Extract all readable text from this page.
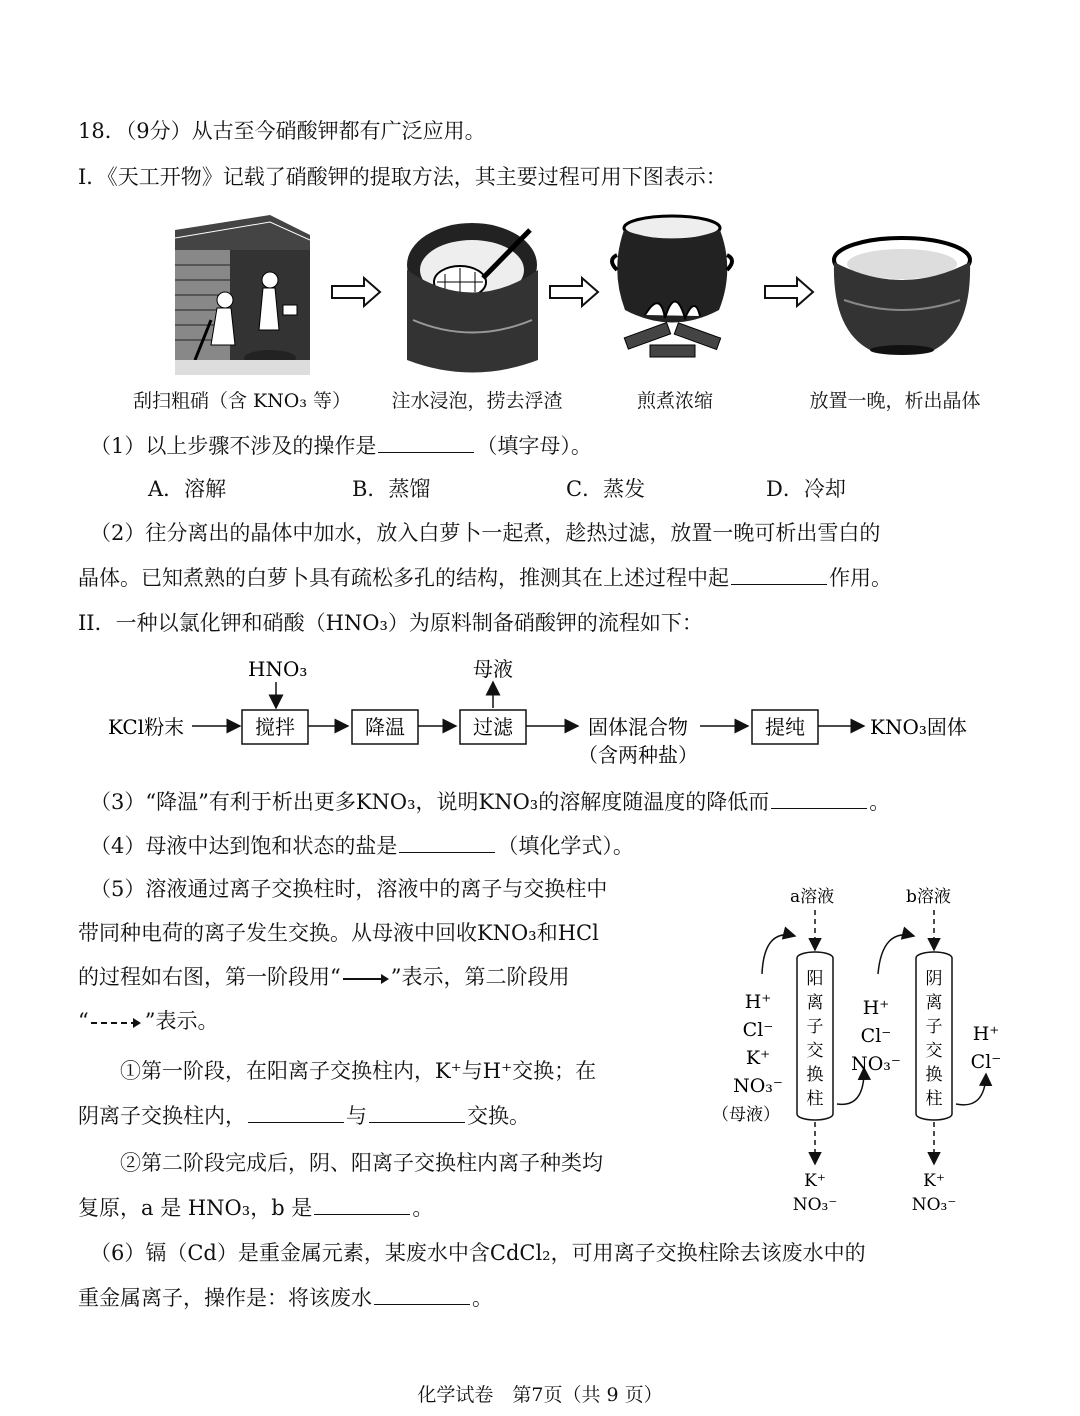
18．（9分）从古至今硝酸钾都有广泛应用。
I．《天工开物》记载了硝酸钾的提取方法，其主要过程可用下图表示：
刮扫粗硝（含 KNO₃ 等）	注水浸泡，捞去浮渣	煎煮浓缩	放置一晚，析出晶体
（1）以上步骤不涉及的操作是	（填字母）。
A．溶解	B．蒸馏	C．蒸发	D．冷却
（2）往分离出的晶体中加水，放入白萝卜一起煮，趁热过滤，放置一晚可析出雪白的
晶体。已知煮熟的白萝卜具有疏松多孔的结构，推测其在上述过程中起	作用。
II．一种以氯化钾和硝酸（HNO₃）为原料制备硝酸钾的流程如下：
KCl粉末
HNO₃
搅拌	降温	过滤
母液
固体混合物
（含两种盐）
提纯	KNO₃固体
（3）“降温”有利于析出更多KNO₃，说明KNO₃的溶解度随温度的降低而	。
（4）母液中达到饱和状态的盐是	（填化学式）。
（5）溶液通过离子交换柱时，溶液中的离子与交换柱中
带同种电荷的离子发生交换。从母液中回收KNO₃和HCl
的过程如右图，第一阶段用“ ”表示，第二阶段用
“	”表示。
①第一阶段，在阳离子交换柱内，K⁺与H⁺交换；在
阴离子交换柱内，	与	交换。
②第二阶段完成后，阴、阳离子交换柱内离子种类均
复原，a 是 HNO₃，b 是	。
a溶液	b溶液
阳
离
子
交
换
柱
阴
离
子
交
换
柱
H⁺
Cl⁻
K⁺
NO₃⁻
（母液）
H⁺
Cl⁻
NO₃⁻
H⁺
Cl⁻
K⁺
NO₃⁻
K⁺
NO₃⁻
（6）镉（Cd）是重金属元素，某废水中含CdCl₂，可用离子交换柱除去该废水中的
重金属离子，操作是：将该废水	。
化学试卷　第7页（共 9 页）
